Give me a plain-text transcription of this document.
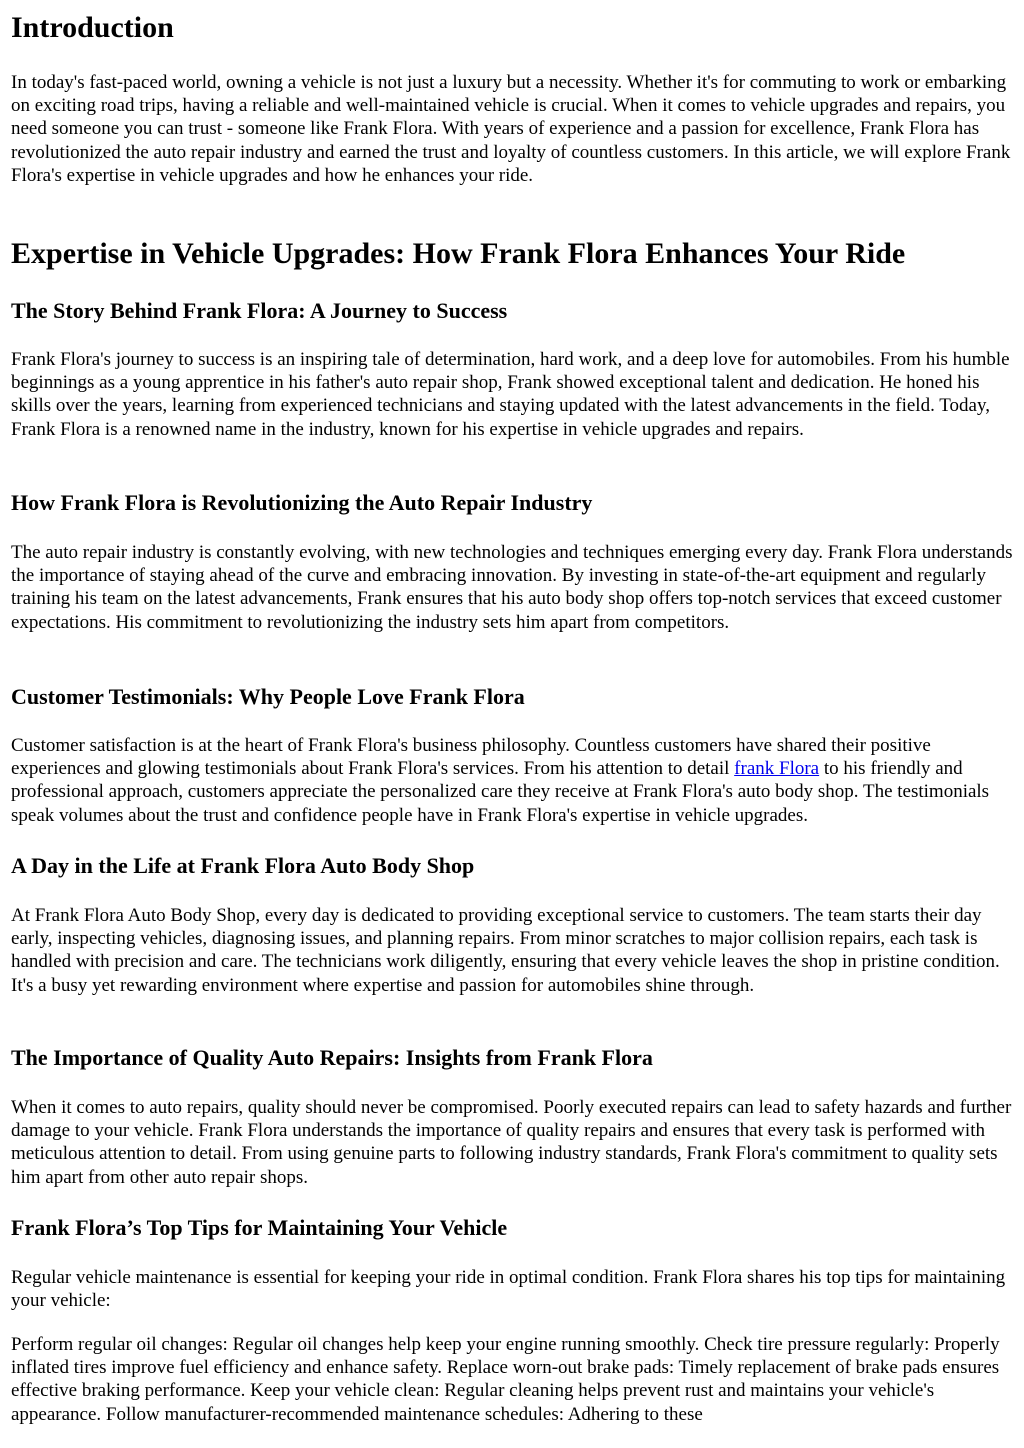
Introduction

In today's fast-paced world, owning a vehicle is not just a luxury but a necessity. Whether it's for commuting to work or embarking on exciting road trips, having a reliable and well-maintained vehicle is crucial. When it comes to vehicle upgrades and repairs, you need someone you can trust - someone like Frank Flora. With years of experience and a passion for excellence, Frank Flora has revolutionized the auto repair industry and earned the trust and loyalty of countless customers. In this article, we will explore Frank Flora's expertise in vehicle upgrades and how he enhances your ride.

Expertise in Vehicle Upgrades: How Frank Flora Enhances Your Ride
The Story Behind Frank Flora: A Journey to Success

Frank Flora's journey to success is an inspiring tale of determination, hard work, and a deep love for automobiles. From his humble beginnings as a young apprentice in his father's auto repair shop, Frank showed exceptional talent and dedication. He honed his skills over the years, learning from experienced technicians and staying updated with the latest advancements in the field. Today, Frank Flora is a renowned name in the industry, known for his expertise in vehicle upgrades and repairs.

How Frank Flora is Revolutionizing the Auto Repair Industry

The auto repair industry is constantly evolving, with new technologies and techniques emerging every day. Frank Flora understands the importance of staying ahead of the curve and embracing innovation. By investing in state-of-the-art equipment and regularly training his team on the latest advancements, Frank ensures that his auto body shop offers top-notch services that exceed customer expectations. His commitment to revolutionizing the industry sets him apart from competitors.

Customer Testimonials: Why People Love Frank Flora

Customer satisfaction is at the heart of Frank Flora's business philosophy. Countless customers have shared their positive experiences and glowing testimonials about Frank Flora's services. From his attention to detail frank Flora to his friendly and professional approach, customers appreciate the personalized care they receive at Frank Flora's auto body shop. The testimonials speak volumes about the trust and confidence people have in Frank Flora's expertise in vehicle upgrades.

A Day in the Life at Frank Flora Auto Body Shop

At Frank Flora Auto Body Shop, every day is dedicated to providing exceptional service to customers. The team starts their day early, inspecting vehicles, diagnosing issues, and planning repairs. From minor scratches to major collision repairs, each task is handled with precision and care. The technicians work diligently, ensuring that every vehicle leaves the shop in pristine condition. It's a busy yet rewarding environment where expertise and passion for automobiles shine through.

The Importance of Quality Auto Repairs: Insights from Frank Flora

When it comes to auto repairs, quality should never be compromised. Poorly executed repairs can lead to safety hazards and further damage to your vehicle. Frank Flora understands the importance of quality repairs and ensures that every task is performed with meticulous attention to detail. From using genuine parts to following industry standards, Frank Flora's commitment to quality sets him apart from other auto repair shops.

Frank Flora’s Top Tips for Maintaining Your Vehicle

Regular vehicle maintenance is essential for keeping your ride in optimal condition. Frank Flora shares his top tips for maintaining your vehicle:

Perform regular oil changes: Regular oil changes help keep your engine running smoothly. Check tire pressure regularly: Properly inflated tires improve fuel efficiency and enhance safety. Replace worn-out brake pads: Timely replacement of brake pads ensures effective braking performance. Keep your vehicle clean: Regular cleaning helps prevent rust and maintains your vehicle's appearance. Follow manufacturer-recommended maintenance schedules: Adhering to these
